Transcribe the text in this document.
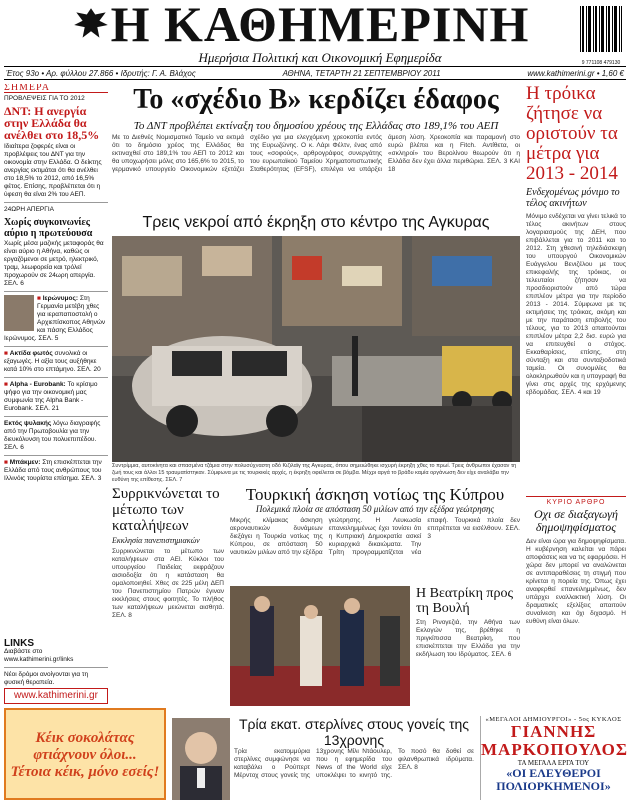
Η ΚΑΘΗΜΕΡΙΝΗ
Ημερήσια Πολιτική και Οικονομική Εφημερίδα	9 771108 479130
Έτος 93ο • Αρ. φύλλου 27.866 • Ιδρυτής: Γ. Α. Βλάχος	ΑΘΗΝΑ, ΤΕΤΑΡΤΗ 21 ΣΕΠΤΕΜΒΡΙΟΥ 2011	www.kathimerini.gr • 1,60 €
ΣΗΜΕΡΑ
ΠΡΟΒΛΕΨΕΙΣ ΓΙΑ ΤΟ 2012
ΔΝΤ: Η ανεργία στην Ελλάδα θα ανέλθει στο 18,5%
Ιδιαίτερα ζοφερές είναι οι προβλέψεις του ΔΝΤ για την οικονομία στην Ελλάδα. Ο δείκτης ανεργίας εκτιμάται ότι θα ανέλθει στο 18,5% το 2012, από 16,5% φέτος. Επίσης, προβλέπεται ότι η ύφεση θα είναι 2% του ΑΕΠ.
24ΩΡΗ ΑΠΕΡΓΙΑ
Χωρίς συγκοινωνίες αύριο η πρωτεύουσα
Χωρίς μέσα μαζικής μεταφοράς θα είναι αύριο η Αθήνα, καθώς οι εργαζόμενοι σε μετρό, ηλεκτρικό, τραμ, λεωφορεία και τρόλεϊ προχωρούν σε 24ωρη απεργία. ΣΕΛ. 6
■ Ιερώνυμος: Στη Γερμανία μετέβη χθες για ιεραπαποστολή ο Αρχιεπίσκοπος Αθηνών και πάσης Ελλάδος Ιερώνυμος. ΣΕΛ. 5
■ Ακτίδα φωτός συνολικά οι εξαγωγές. Η αξία τους αυξήθηκε κατά 10% στο επτάμηνο. ΣΕΛ. 20
■ Alpha - Eurobank: Το κρίσιμο ψήφο για την οικονομική μας συμφωνία της Alpha Bank - Eurobank. ΣΕΛ. 21
Εκτός ψυλακής λόγω διαγραφής από την Πρωτοβουλία για την διευκόλυνση του πολυεπιπέδου. ΣΕΛ. 6
■ Μπάκμεν: Στη επισκέπτεται την Ελλάδα από τους ανθρώπους του Ιλλινόις τουρίστα επίσημα. ΣΕΛ. 3
LINKS
Διαβάστε στο www.kathimerini.gr/links
Νέοι δρόμοι ανοίγονται για τη φυσική θεραπεία.
www.kathimerini.gr
Το «σχέδιο Β» κερδίζει έδαφος
Το ΔΝΤ προβλέπει εκτίναξη του δημοσίου χρέους της Ελλάδας στο 189,1% του ΑΕΠ
Με το Διεθνές Νομισματικό Ταμείο να εκτιμά ότι το δημόσιο χρέος της Ελλάδας θα εκτιναχθεί στο 189,1% του ΑΕΠ το 2012 και θα υποχωρήσει μόλις στο 165,6% το 2015, το γερμανικό υπουργείο Οικονομικών εξετάζει σχέδιο για μια ελεγχόμενη χρεοκοπία εντός της Ευρωζώνης. Ο κ. Λάρι Φέλτν, ένας από τους «σοφούς», αρθρογράφος συνεργάτης του ευρωπαϊκού Ταμείου Χρηματοπιστωτικής Σταθερότητας (EFSF), επιλέγει να υπάρξει άμεση λύση. Χρεοκοπία και παραμονή στο ευρώ βλέπει και η Fitch. Αντίθετα, οι «σκληροί» του Βερολίνου θεωρούν ότι η Ελλάδα δεν έχει άλλα περιθώρια. ΣΕΛ. 3 ΚΑΙ 18
Τρεις νεκροί από έκρηξη στο κέντρο της Αγκυρας
Συντρίμμια, αυτοκίνητα και σπασμένα τζάμια στην πολυσύχναστη οδό Κιζιλαϊγ της Αγκυρας, όπου σημειώθηκε ισχυρή έκρηξη χθες το πρωί. Τρεις άνθρωποι έχασαν τη ζωή τους και άλλοι 15 τραυματίστηκαν. Σύμφωνα με τις τουρκικές αρχές, η έκρηξη οφείλεται σε βόμβα. Μέχρι αργά το βράδυ καμία οργάνωση δεν είχε αναλάβει την ευθύνη της επίθεσης. ΣΕΛ. 7
Η τρόικα ζήτησε να οριστούν τα μέτρα για 2013 - 2014
Ενδεχομένως μόνιμο το τέλος ακινήτων
Μόνιμο ενδέχεται να γίνει τελικά το τέλος ακινήτων στους λογαριασμούς της ΔΕΗ, που επιβάλλεται για το 2011 και το 2012. Στη χθεσινή τηλεδιάσκεψη του υπουργού Οικονομικών Ευάγγελου Βενιζέλου με τους επικεφαλής της τρόικας, οι τελευταίοι ζήτησαν να προσδιοριστούν από τώρα επιπλέον μέτρα για την περίοδο 2013 - 2014. Σύμφωνα με τις εκτιμήσεις της τρόικας, ακόμη και με την παράταση επιβολής του τέλους, για το 2013 απαιτούνται επιπλέον μέτρα 2,2 δισ. ευρώ για να επιτευχθεί ο στόχος. Εκκαθαρίσεις, επίσης, στη σύνταξη και στα συνταξιοδοτικά ταμεία. Οι συνομιλίες θα ολοκληρωθούν και η υπογραφή θα γίνει στις αρχές της ερχόμενης εβδομάδας. ΣΕΛ. 4 και 19
Συρρικνώνεται το μέτωπο των καταλήψεων
Εκκλησία πανεπιστημιακών
Συρρικνώνεται το μέτωπο των καταλήψεων στα ΑΕΙ. Κύκλοι του υπουργείου Παιδείας εκφράζουν αισιοδοξία ότι η κατάσταση θα ομαλοποιηθεί. Χθες σε 225 μέλη ΔΕΠ του Πανεπιστημίου Πατρών έγιναν εκκλήσεις στους φοιτητές. Το πλήθος των καταλήψεων μειώνεται αισθητά. ΣΕΛ. 8
Τουρκική άσκηση νοτίως της Κύπρου
Πολεμικά πλοία σε απόσταση 50 μιλίων από την εξέδρα γεώτρησης
Μικρής κλίμακας άσκηση αεροναυτικών δυνάμεων διεξάγει η Τουρκία νοτίως της Κύπρου, σε απόσταση 50 ναυτικών μιλίων από την εξέδρα γεώτρησης. Η Λευκωσία επανειλημμένως έχει τονίσει ότι η Κυπριακή Δημοκρατία ασκεί κυριαρχικά δικαιώματα. Την Τρίτη προγραμματίζεται νέα επαφή. Τουρκικά πλοία δεν επιτρέπεται να εισέλθουν. ΣΕΛ. 3
Η Βεατρίκη προς τη Βουλή
Στη Ρινογεζιά, την Αθήνα των Εκλογών της, βρέθηκε η πριγκίπισσα Βεατρίκη, που επισκέπτεται την Ελλάδα για την εκδήλωση του Ιδρύματος. ΣΕΛ. 6
ΚΥΡΙΟ ΑΡΘΡΟ
Οχι σε διαξαγωγή δημοψηφίσματος
Δεν είναι ώρα για δημοψηφίσματα. Η κυβέρνηση καλείται να πάρει αποφάσεις και να τις εφαρμόσει. Η χώρα δεν μπορεί να αναλώνεται σε αντιπαραθέσεις τη στιγμή που κρίνεται η πορεία της. Όπως έχει αναφερθεί επανειλημμένως, δεν υπάρχει εναλλακτική λύση. Οι δραματικές εξελίξεις απαιτούν συναίνεση και όχι διχασμό. Η ευθύνη είναι όλων.
Κέικ σοκολάτας
φτιάχνουν όλοι...
Τέτοια κέικ, μόνο εσείς!
Τρία εκατ. στερλίνες στους γονείς της 13χρονης
Τρία εκατομμύρια στερλίνες συμφώνησε να καταβάλει ο Ρούπερτ Μέρντοχ στους γονείς της 13χρονης Μίλι Ντάουλερ, που η εφημερίδα του News of the World είχε υποκλέψει το κινητό της. Το ποσό θα δοθεί σε φιλανθρωπικά ιδρύματα. ΣΕΛ. 8
«ΜΕΓΑΛΟΙ ΔΗΜΙΟΥΡΓΟΙ» - 5ος ΚΥΚΛΟΣ
ΓΙΑΝΝΗΣ ΜΑΡΚΟΠΟΥΛΟΣ
ΤΑ ΜΕΓΑΛΑ ΕΡΓΑ ΤΟΥ
«ΟΙ ΕΛΕΥΘΕΡΟΙ ΠΟΛΙΟΡΚΗΜΕΝΟΙ»
